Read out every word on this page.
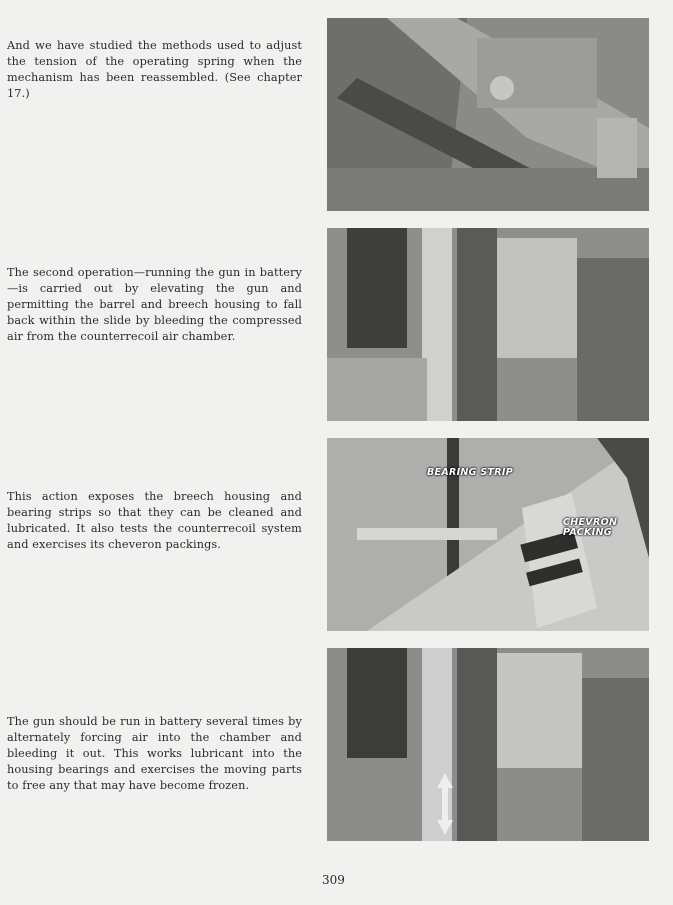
And we have studied the methods used to adjust the tension of the operating spring when the mechanism has been reassembled. (See chapter 17.)

The second operation—running the gun in battery—is carried out by elevating the gun and permitting the barrel and breech housing to fall back within the slide by bleeding the compressed air from the counterrecoil air chamber.

This action exposes the breech housing and bearing strips so that they can be cleaned and lubricated. It also tests the counterrecoil system and exercises its cheveron packings.

The gun should be run in battery several times by alternately forcing air into the chamber and bleeding it out. This works lubricant into the housing bearings and exercises the moving parts to free any that may have become frozen.

BEARING STRIP
CHEVRON PACKING
309
